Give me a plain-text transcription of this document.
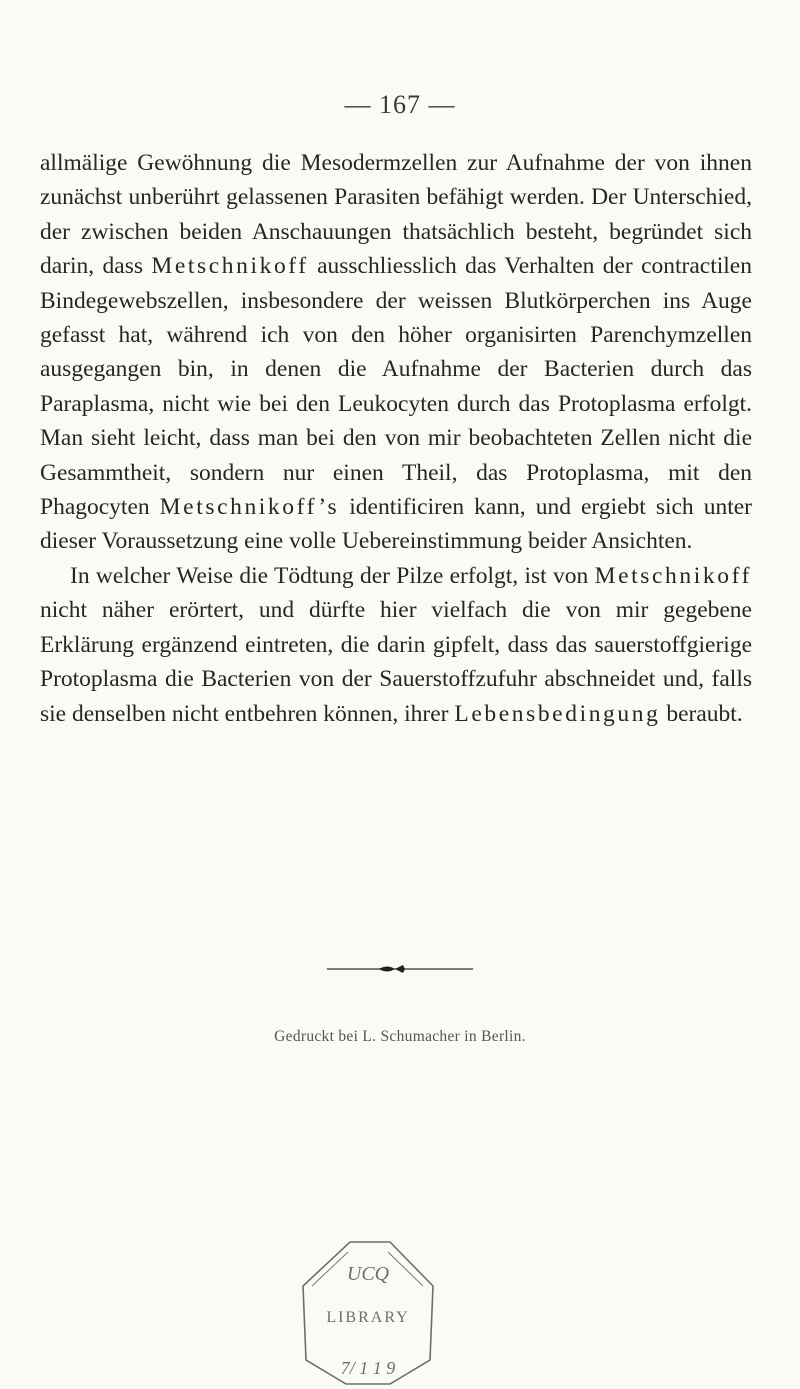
— 167 —

allmälige Gewöhnung die Mesodermzellen zur Aufnahme der von ihnen zunächst unberührt gelassenen Parasiten befähigt werden. Der Unterschied, der zwischen beiden Anschauungen thatsächlich besteht, begründet sich darin, dass Metschnikoff ausschliesslich das Verhalten der contractilen Bindegewebszellen, insbesondere der weissen Blutkörperchen ins Auge gefasst hat, während ich von den höher organisirten Parenchymzellen ausgegangen bin, in denen die Aufnahme der Bacterien durch das Paraplasma, nicht wie bei den Leukocyten durch das Protoplasma erfolgt. Man sieht leicht, dass man bei den von mir beobachteten Zellen nicht die Gesammtheit, sondern nur einen Theil, das Protoplasma, mit den Phagocyten Metschnikoff’s identificiren kann, und ergiebt sich unter dieser Voraussetzung eine volle Uebereinstimmung beider Ansichten.

In welcher Weise die Tödtung der Pilze erfolgt, ist von Metschnikoff nicht näher erörtert, und dürfte hier vielfach die von mir gegebene Erklärung ergänzend eintreten, die darin gipfelt, dass das sauerstoffgierige Protoplasma die Bacterien von der Sauerstoffzufuhr abschneidet und, falls sie denselben nicht entbehren können, ihrer Lebensbedingung beraubt.

Gedruckt bei L. Schumacher in Berlin.
UCQ
LIBRARY
7/ 1 1 9
